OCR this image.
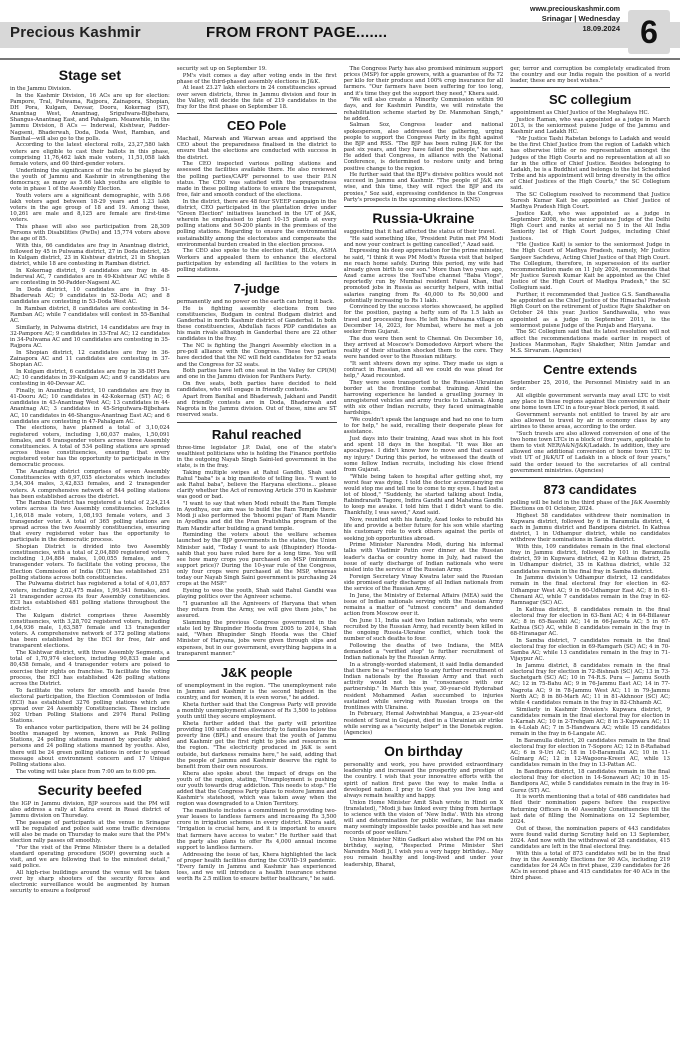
Precious Kashmir	FROM FRONT PAGE.......
www.preciouskashmir.com
Srinagar | Wednesday
18.09.2024 6
Stage set

in the Jammu Division.

In the Kashmir Division, 16 ACs are up for election: Pampore, Tral, Pulwama, Rajpora, Zainapora, Shopian, DH Pora, Kulgam, Devsar, Dooru, Kokernag (ST), Anantnag West, Anantnag, Srigufwara-Bijbehara, Shangus-Anantnag East, and Pahalgam. Meanwhile, in the Jammu Division, 8 ACs — Inderwal, Kishtwar, Padder-Nagseni, Bhaderwah, Doda, Doda West, Ramban, and Banihal—will also go to the polls.

According to the latest electoral rolls, 23,27,580 lakh voters are eligible to cast their ballots in this phase, comprising 11,76,462 lakh male voters, 11,51,058 lakh female voters, and 60 third-gender voters.

Underlining the significance of the role to be played by the youth of Jammu and Kashmir in strengthening the democracy, as many as 5.66 lakh youths are eligible to vote in phase 1 of the Assembly Election.

Youth voters are a significant demographic, with 5.66 lakh voters aged between 18-29 years and 1.23 lakh voters in the age group of 18 and 19. Among these, 10,261 are male and 8,125 are female are first-time voters.

This phase will also see participation from 28,309 Persons with Disabilities (PwDs) and 15,774 voters above the age of 85.

With this, 66 candidates are fray in Anantnag district, followed by 45 in Pulwama district, 27 in Doda district, 25 in Kulgam district, 23 in Kishtwar district, 21 in Shopian district, while 18 are contesting in Ramban district.

In Kokernag district, 9 candidates are fray in 48-Inderwal AC, 7 candidates are in 49-Kishtwar AC while 8 are contesting in 50-Padder-Nagseni AC.

In Doda district, 10 candidates are in fray 51-Bhaderwah AC; 9 candidates in 52-Doda AC; and 8 candidates are contesting in 53-Doda West AC.

In Ramban district, 8 candidates are contesting in 54-Ramban AC; while 7 candidates will contest in 55-Banihal AC.

Similarly, in Pulwama district, 14 candidates are fray in 32-Pampore AC; 9 candidates in 33-Tral AC; 12 candidates in 34-Pulwama AC and 10 candidates are contesting in 35-Rajpora AC.

In Shopian district, 12 candidates are fray in 36-Zainapora AC and 11 candidates are contesting in 37-Shopian AC.

In Kulgam district, 6 candidates are fray in 38-DH Pora AC; 10 candidates in 39-Kulgam AC; and 9 candidates are contesting in 40-Devsar AC.

Finally, in Anantnag district, 10 candidates are fray in 41-Dooru AC; 10 candidates in 42-Kokernag (ST) AC; 6 candidates in 43-Anantnag West AC; 13 candidates in 44-Anantnag AC; 3 candidates in 45-Srigufwara-Bijbehara AC, 10 candidates in 46-Shangus-Anantnag East AC; and 6 candidates are contesting in 47-Pahalgam AC.

The elections, have planned a total of 3,10,024 registered voters, including 1,60,037 males, 1,50,091 females, and 6 transgender voters across three Assembly constituencies. A total of 534 polling stations are spread across these constituencies, ensuring that every registered voter has the opportunity to participate in the democratic process.

The Anantnag district comprises of seven Assembly Constituencies with 6,97,035 electorates which includes 3,54,304 males, 3,42,833 females, and 2 transgender voters. A comprehensive network of 844 polling stations has been established across the district.

The Ramban District has registered a total of 2,24,214 voters across its two Assembly constituencies. Includes 1,16,018 male voters, 1,08,193 female voters, and 3 transgender voter. A total of 365 polling stations are spread across the two Assembly constituencies, ensuring that every registered voter has the opportunity to participate in the democratic process.

Shopian District is divided into two Assembly constituencies, with a total of 2,04,880 registered voters, including 1,04,884 males, 1,00,055 females, and 7 transgender voters. To facilitate the voting process, the Election Commission of India (ECI) has established 251 polling stations across both constituencies.

The Pulwama district has registered a total of 4,01,857 voters, including 2,02,475 males, 1,99,341 females, and 21 transgender across its four Assembly constituencies. ECI has established 481 polling stations throughout the district.

The Kulgam district comprises three Assembly constituencies, with 3,28,702 registered voters, including 1,64,936 male, 1,63,587 female and 13 transgender voters. A comprehensive network of 372 polling stations has been established by the ECI for free, fair and transparent elections.

The Kishtwar district, with three Assembly Segments, a total of 1,70,974 electors, including 90,833 male and 80,458 female, and 4 transgender voters are poised to exercise their rights on franchise. To facilitate the voting process, the ECI has established 426 polling stations across the District.

To facilitate the voters for smooth and hassle free electoral participation, the Election Commission of India (ECI) has established 3276 polling stations which are spread over 24 Assembly Constituencies. These include 302 Urban Polling Stations and 2974 Rural Polling Stations.

To enhance voter participation, there will be 24 polling booths managed by women, known as Pink Polling Stations, 24 polling stations manned by specially abled persons and 24 polling stations manned by youths. Also, there will be 24 green polling stations in order to spread message about environment concern and 17 Unique Polling stations also.

The voting will take place from 7:00 am to 6:00 pm.

Security beefed

the IGP in Jammu division, BJP sources said the PM will also address a rally at Katra event in Reasi district of Jammu division on Thursday.

The passage of participants at the venue in Srinagar will be regulated and police said some traffic diversions will also be made on Thursday to make sure that the PM's election rally passes off smoothly.

"For the visit of the Prime Minister there is a detailed standard operating procedure (SOP) governing such a visit, and we are following that to the minutest detail," said police.

All high-rise buildings around the venue will be taken over by sharp shooters of the security forces and electronic surveillance would be augmented by human security to ensure a foolproof

security set up on September 19.

PM's visit comes a day after voting ends in the first phase of the third-phased assembly elections in J&K.

At least 23.27 lakh electors in 24 constituencies spread over seven districts, three in Jammu division and four in the Valley, will decide the fate of 219 candidates in the fray for the first phase on September 18.

CEO Pole

Machail, Marwah and Warwan areas and apprised the CEO about the preparedness finalised in the district to ensure that the elections are conducted with success in the district.

The CEO inspected various polling stations and assessed the facilities available there. He also reviewed the polling parties/CAPF personnel to use their P.I.N status. The CEO was satisfied with the preparedness made in these polling stations to ensure the transparent, free, fair and smooth conduct of the elections.

In the district, there are 48 four SVEEP campaign in the district, CEO participated in the plantation drive under "Green Election" initiatives launched in the UT of J&K, wherein he emphasised to plant 10-15 plants at every polling stations and 50-200 plants in the premises of the polling stations. Regarding to ensure the environmental sustainability among the electorates and compensate the environmental burden created in the election process.

The CEO also spoke to the election staff, BLOs, ASHA Workers and appealed them to enhance the electoral participation by extending all facilities to the voters in polling stations.

7-judge

permanently and no power on the earth can bring it back.

He is fighting assembly elections from two constituencies, Budgam in central Budgam district and Ganderbal in north Kashmir district of Ganderbal. In both these constituencies, Abdullah faces PDP candidates as his main rivals although in Ganderbal there are 22 other candidates in the fray.

The NC is fighting the Jhangri Assembly election in a pre-poll alliance with the Congress. These two parties have decided that the NC will field candidates for 52 seats and the Congress for 32 seats.

Both parties have left one seat in the Valley for CPI(M) and one in the Jammu division for Panthers Party.

On five seats, both parties have decided to field candidates, who will engage in friendly contests.

Apart from Banihal and Bhaderwah, Jakhani and Pandit and friendly contests are in Doda, Bhaderwah and Nagrota in the Jammu division. Out of these, nine are ST reserved seats.

Rahul reached

three-time legislator J.P. Dalal, one of the state's wealthiest politicians who is holding the Finance portfolio in the outgoing Nayab Singh Saini-led government in the state, is in the fray.

Taking multiple swipes at Rahul Gandhi, Shah said Rahul "baba" is a big manifesto of telling lies. "I want to ask Rahul baba", believe the Haryana elections... please clarify whether the Act of removing Article 370 in Kashmir was good or bad.

"I want to say that when Modi rebuilt the Ram Temple in Ayodhya, our aim was to build the Ram Temple there. Modi ji also performed the 'bhoomi pujan' of Ram Mandir in Ayodhya and did the Pran Pratishtha program of the Ram Mandir after building a grand temple.

Reminding the voters about the welfare schemes launched by the BJP governments in the states, the Union Minister said, "Today I want to ask (Bhupinder) Hooda-sahib that you have ruled here for a long time. You will see how many crops you purchased on MSP (minimum support price)? During the 10-year rule of the Congress, only four crops were purchased at the MSP, whereas today our Nayab Singh Saini government is purchasing 24 crops at the MSP."

Eyeing to woo the youth, Shah said Rahul Gandhi was playing politics over the Agniveer scheme.

"I guarantee all the Agniveers of Haryana that when they return from the Army, we will give them jobs," he assured.

Slamming the previous Congress government in the state led by Bhupinder Hooda from 2005 to 2014, Shah said, "When Bhupinder Singh Hooda was the Chief Minister of Haryana, jobs were given through slips and expenses, but in our government, everything happens in a transparent manner."

J&K people

of unemployment in the region. "The unemployment rate in Jammu and Kashmir is the second highest in the country, and for women, it is even worse," he added.

Kheta further said that the Congress Party will provide a monthly unemployment allowance of Rs 3,500 to jobless youth until they secure employment.

Kheta further added that the party will prioritize providing 100 units of free electricity to families below the poverty line (BPL) and ensure that the youth of Jammu and Kashmir get the first right to jobs and resources in the region. "The electricity produced in J&K is sent outside, but darkness remains here," he said, adding that the people of Jammu and Kashmir deserve the right to benefit from their own resources.

Khera also spoke about the impact of drugs on the youth of the region, stating, "Unemployment is pushing our youth towards drug addiction. This needs to stop." He added that the Congress Party plans to restore Jammu and Kashmir's statehood, which was taken away when the region was downgraded to a Union Territory.

The manifesto includes a commitment to providing two-year leases to landless farmers and increasing Rs 3,500 crore in irrigation schemes in every district. Khera said, "Irrigation is crucial here, and it is important to ensure that farmers have access to water." He further said that the party also plans to offer Rs 4,000 annual income support to landless farmers.

Addressing the issue of tax, Khera highlighted the lack of proper health facilities during the COVID-19 pandemic. "Every family in Jammu and Kashmir has experienced loss, and we will introduce a health insurance scheme worth Rs 2.5 million to ensure better healthcare," he said.

The Congress Party has also promised minimum support prices (MSP) for apple growers, with a guarantee of Rs 72 per kilo for their produce and 100% crop insurance for all farmers. "Our farmers have been suffering for too long, and it's time they get the support they need," Khera said.

"We will also create a Minority Commission within 90 days, and for Kashmiri Pandits, we will reinstate the rehabilitation scheme started by Dr. Manmohan Singh," he added.

Salman Soz, Congress leader and national spokesperson, also addressed the gathering, urging people to support the Congress Party in its fight against the BJP and RSS. "The BJP has been ruling J&K for the past six years, and they have failed the people," he said. He added that Congress, in alliance with the National Conference, is determined to restore unity and bring positive change to the region.

He further said that the BJP's divisive politics would not succeed in Jammu and Kashmir. "The people of J&K are wise, and this time, they will reject the BJP and its proxies," Soz said, expressing confidence in the Congress Party's prospects in the upcoming elections.(KNS)

Russia-Ukraine

suggesting that it had affected the status of their travel.

"He said something like, 'President Putin met PM Modi and now your contract is getting cancelled'," Azad said.

Expressing his deep appreciation for the prime minister, he said, "I think it was PM Modi's Russia visit that helped me reach home safely. During this period, my wife had already given birth to our son." More than two years ago, Azad came across the YouTube channel "Baba Vlogs", reportedly run by Mumbai resident Faisal Khan, that promoted jobs in Russia as security helpers, with initial salaries ranging from Rs 40,000 to Rs 50,000 and potentially increasing to Rs 1 lakh.

Convinced by the success stories showcased, he applied for the position, paying a hefty sum of Rs 1.5 lakh as travel and processing fees. He left his Pulwama village on December 14, 2023, for Mumbai, where he met a job seeker from Gujarat.

The duo were then sent to Chennai. On December 16, they arrived at Moscow's Domodedovo Airport where the reality of their situation shocked them to the core. They were handed over to the Russian military.

"It sent shivers down my spine. They made us sign a contract in Russian, and all we could do was plead for help," Azad recounted.

They were soon transported to the Russian-Ukrainian border at the frontline combat training. Amid the harrowing experience he landed a gruelling journey in unregistered vehicles and army trucks to Luhansk. Along with six other Indian recruits, they faced unimaginable hardships.

"We couldn't speak the language and had no one to turn to for help," he said, recalling their desperate pleas for assistance.

Just days into their training, Azad was shot in his foot and spent 18 days in the hospital. "It was like an apocalypse. I didn't know how to move and that caused my injury." During this period, he witnessed the death of some fellow Indian recruits, including his close friend from Gujarat.

"While being taken to hospital after getting shot, my worst fear was dying. I told the doctor accompanying me would stop me and tell me to come to my eyes. I had lost a lot of blood," "Suddenly, he started talking about India, Rabindranath Tagore, Indira Gandhi and Mahatma Gandhi to keep me awake. I told him that I didn't want to die. Thankfully, I was saved," Azad said.

Now, reunited with his family, Azad looks to rebuild his life and provide a better future for his son while starting his customary role to work others against the perils of seeking job opportunities abroad.

Prime Minister Narendra Modi, during his informal talks with Vladimir Putin over dinner at the Russian leader's dacha or country home in July, had raised the issue of early discharge of Indian nationals who were misled into the service of the Russian Army.

Foreign Secretary Vinay Kwatra later said the Russian side promised early discharge of all Indian nationals from the service of the Russian Army.

In June, the Ministry of External Affairs (MEA) said the issue of Indian nationals serving with the Russian Army remains a matter of "utmost concern" and demanded action from Moscow over it.

On June 11, India said two Indian nationals, who were recruited by the Russian Army, had recently been killed in the ongoing Russia-Ukraine conflict, which took the number of such deaths to four.

Following the deaths of two Indians, the MEA demanded a "verified stop" to further recruitment of Indian nationals by the Russian Army.

In a strongly-worded statement, it said India demanded that there be a "verified stop to any further recruitment of Indian nationals by the Russian Army and that such activity would not be in "consonance with our partnership." In March this year, 30-year-old Hyderabad resident Mohammed Asfan succumbed to injuries sustained while serving with Russian troops on the frontlines with Ukraine.

In February, Hemal Ashwinbhai Mangua, a 23-year-old resident of Surat in Gujarat, died in a Ukrainian air strike while serving as a "security helper" in the Donetsk region. (Agencies)

On birthday

personality and work, you have provided extraordinary leadership and increased the prosperity and prestige of the country. I wish that your innovative efforts with the spirit of nation first pave the way to make India a developed nation. I pray to God that you live long and always remain healthy and happy.

Union Home Minister Amit Shah wrote in Hindi on X (translated), "Modi ji has linked every thing from heritage to science with the vision of 'New India'. With his strong will and determination for public welfare, he has made many seemingly impossible tasks possible and has set new records of poor welfare."

Union Minister Nitin Gadkari also wished the PM on his birthday, saying, "Respected Prime Minister Shri Narendra Modi Ji, I wish you a very happy birthday... May you remain healthy and long-lived and under your leadership, Bharat,

ger, terror and corruption be completely eradicated from the country and our India regain the position of a world leader, these are my best wishes."

SC collegium

appointment as Chief Justice of the Meghalaya HC.

Justice Raman, who was appointed as a judge in March 2013, is the seniormost puisne Judge of the Jammu and Kashmir and Ladakh HC.

"Mr Justice Tashi Rabstan belongs to Ladakh and would be the first Chief Justice from the region of Ladakh which has otherwise little or no representation amongst the Judges of the High Courts and no representation at all so far in the office of Chief Justice. Besides belonging to Ladakh, he is a Buddhist and belongs to the list Scheduled Tribe and his appointment will bring diversity in the office of Chief Justices of the High Courts," the SC Collegium said.

The SC Collegium resolved to recommend that Justice Suresh Kumar Kait be appointed as Chief Justice of Madhya Pradesh High Court.

Justice Kait, who was appointed as a judge in September 2008, is the senior puisne Judge of the Delhi High Court and ranks at serial no 5 in the All India Seniority list of High Court Judges, including Chief Justices.

"He (Justice Kait) is senior to the seniormost Judge in the High Court of Madhya Pradesh, namely, Mr Justice Sanjeev Sachdeva, Acting Chief Justice of that High Court. The Collegium, therefore, in supersession of its earlier recommendation made on 11 July 2024, recommends that Mr Justice Suresh Kumar Kait be appointed as the Chief Justice of the High Court of Madhya Pradesh," the SC Collegium said.

Further, it recommended that Justice G.S. Sandhawalia be appointed as the Chief Justice of the Himachal Pradesh High Court on the retirement of Justice Rajiv Shakdher on October 24 this year. Justice Sandhawalia, who was appointed as a judge in September 2011, is the seniormost puisne Judge of the Punjab and Haryana.

The SC Collegium said that its latest resolution will not affect the recommendations made earlier in respect of Justices Manmohan, Rajiv Shakdher, Nitin Jamdar and M.S. Sirvaram. (Agencies)

Centre extends

September 25, 2016, the Personnel Ministry said in an order.

All eligible government servants may avail LTC to visit any place in these regions against the conversion of their one home town LTC in a four-year block period, it said.

Government servants not entitled to travel by air are also allowed to travel by air in economy class by any airlines to these areas, according to the order.

"Such travels are also allowed conversion of one of the two home town LTCs in a block of four years, applicable to them to visit NER/A&N/J&K/Ladakh. In addition, they are allowed one additional conversion of home town LTC to visit UT of J&K/UT of Ladakh in a block of four years," said the order issued to the secretaries of all central government ministries. (Agencies)

873 candidates

polling will be held in the third phase of the J&K Assembly Elections on 01 October, 2024.

Highest 58 candidates withdrew their nomination in Kupwara district, followed by 6 in Baramulla district, 4 each in Jammu district and Bandipora district. In Kathua district, 1 in Udhampur district, while no candidates withdrew their nominations in Samba district.

With this, 109 candidates remain in the final electoral fray in Jammu district, followed by 101 in Baramulla district, 59 in Kupwara district, 42 in Kathua district, 25 in Udhampur district, 35 in Kathua district, while 32 candidates remain in the final fray in Samba district.

In Jammu division's Udhampur district, 12 candidates remain in the final electoral fray for election in 62-Udhampur West AC; 9 in 60-Udhampur East AC; 8 in 61-Chenani AC, while 7 candidates remain in the fray in 62-Ramnagar (SC) AC.

In Kathua district, 8 candidates remain in the final electoral fray for election in 63-Bani AC; 4 in 64-Billawar AC; 8 in 65-Basohli AC; 14 in 66-Jasrota AC; 5 in 67-Kathua (SC) AC, while 8 candidates remain in the fray in 68-Hiranagar AC.

In Samba district, 7 candidates remain in the final electoral fray for election in 69-Ramgarh (SC) AC; 4 in 70-Samba AC; while 13 candidates remain in the fray in 71-Vijaypur AC.

In Jammu district, 8 candidates remain in the final electoral fray for election in 72-Bishnah (SC) AC; 13 in 73-Suchetgarh (SC) AC; 10 in 74-R.S. Pura — Jammu South AC; 12 in 75-Bahu AC; 9 in 76-Jammu East AC; 14 in 77-Nagrota AC; 9 in 78-Jammu West AC; 11 in 79-Jammu North AC; 8 in 80-Marh AC; 11 in 81-Akhnoor (SC) AC; while 4 candidates remain in the fray in 82-Chhamb AC.

Similarly in Kashmir Division's Kupwara district, 9 candidates remain in the final electoral fray for election in 1-Karnah AC; 10 in 2-Trehgam AC; 8 in 3-Kupwara AC; 11 in 4-Lolab AC; 7 in 5-Handwara AC; while 15 candidates remain in the fray in 6-Langate AC.

In Baramulla district, 20 candidates remain in the final electoral fray for election in 7-Sopore AC; 12 in 8-Rafiabad AC; 6 in 9-Uri AC; 18 in 10-Baramulla AC; 10 in 11-Gulmarg AC; 12 in 12-Wagoora-Kreeri AC, while 13 candidates remain in the fray in 13-Pattan AC.

In Bandipora district, 18 candidates remain in the final electoral fray for election in 14-Sonawari AC; 10 in 15-Bandipora AC, while 5 candidates remain in the fray in 16-Gurez (ST) AC.

It is worth mentioning that a total of 486 candidates had filed their nomination papers before the respective Returning Officers in 40 Assembly Constituencies till the last date of filling the Nominations on 12 September, 2024.

Out of these, the nomination papers of 443 candidates were found valid during Scrutiny held on 13 September, 2024. And now with the withdrawal of 28 candidates, 415 candidates are left in the final electoral fray.

With this a total of 873 candidates will be in the final fray in the Assembly Elections for 90 ACs, including 219 candidates for 24 ACs in first phase, 239 candidates for 26 ACs in second phase and 415 candidates for 40 ACs in the third phase.
